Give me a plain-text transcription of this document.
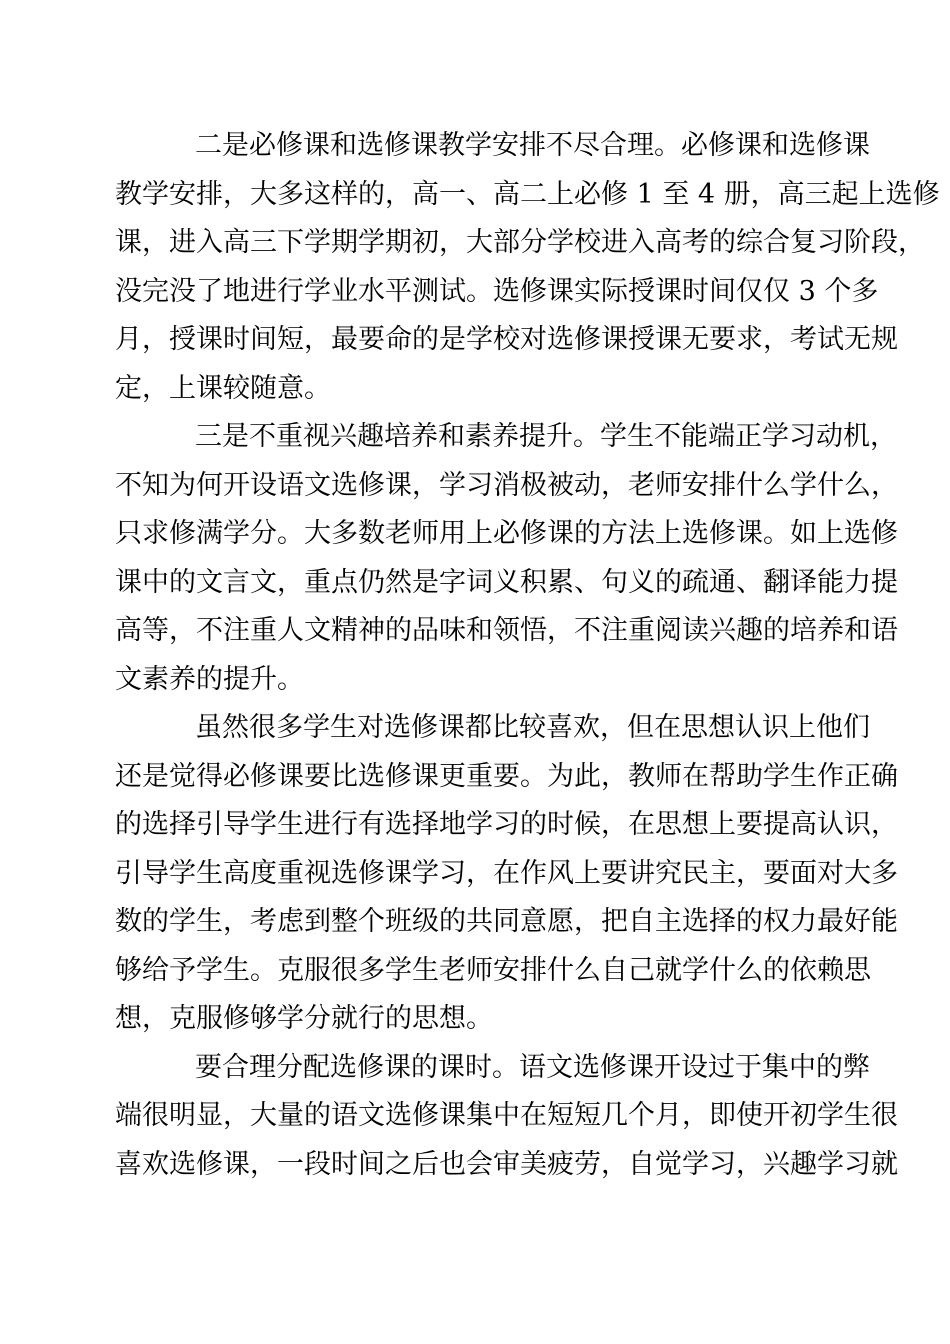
二是必修课和选修课教学安排不尽合理。必修课和选修课
教学安排，大多这样的，高一、高二上必修 1 至 4 册，高三起上选修
课，进入高三下学期学期初，大部分学校进入高考的综合复习阶段，
没完没了地进行学业水平测试。选修课实际授课时间仅仅 3 个多
月，授课时间短，最要命的是学校对选修课授课无要求，考试无规
定，上课较随意。
三是不重视兴趣培养和素养提升。学生不能端正学习动机，
不知为何开设语文选修课，学习消极被动，老师安排什么学什么，
只求修满学分。大多数老师用上必修课的方法上选修课。如上选修
课中的文言文，重点仍然是字词义积累、句义的疏通、翻译能力提
高等，不注重人文精神的品味和领悟，不注重阅读兴趣的培养和语
文素养的提升。
虽然很多学生对选修课都比较喜欢，但在思想认识上他们
还是觉得必修课要比选修课更重要。为此，教师在帮助学生作正确
的选择引导学生进行有选择地学习的时候，在思想上要提高认识，
引导学生高度重视选修课学习，在作风上要讲究民主，要面对大多
数的学生，考虑到整个班级的共同意愿，把自主选择的权力最好能
够给予学生。克服很多学生老师安排什么自己就学什么的依赖思
想，克服修够学分就行的思想。
要合理分配选修课的课时。语文选修课开设过于集中的弊
端很明显，大量的语文选修课集中在短短几个月，即使开初学生很
喜欢选修课，一段时间之后也会审美疲劳，自觉学习，兴趣学习就
